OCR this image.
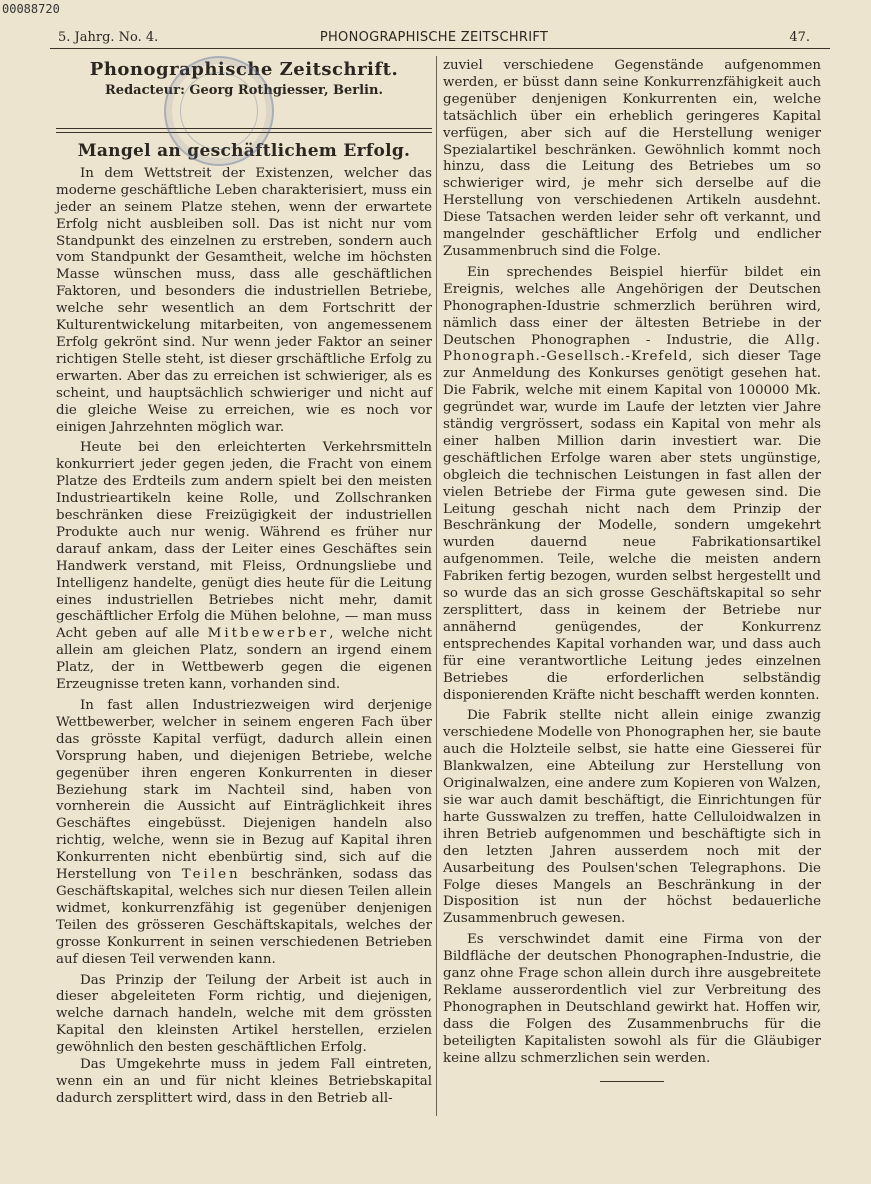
00088720
5. Jahrg. No. 4.	PHONOGRAPHISCHE ZEITSCHRIFT	47.
Phonographische Zeitschrift.
Redacteur: Georg Rothgiesser, Berlin.
Mangel an geschäftlichem Erfolg.

In dem Wettstreit der Existenzen, welcher das moderne geschäftliche Leben charakterisiert, muss ein jeder an seinem Platze stehen, wenn der erwartete Erfolg nicht ausbleiben soll. Das ist nicht nur vom Standpunkt des einzelnen zu erstreben, sondern auch vom Standpunkt der Gesamtheit, welche im höchsten Masse wünschen muss, dass alle geschäftlichen Faktoren, und besonders die industriellen Betriebe, welche sehr wesentlich an dem Fortschritt der Kulturentwickelung mitarbeiten, von angemessenem Erfolg gekrönt sind. Nur wenn jeder Faktor an seiner richtigen Stelle steht, ist dieser grschäftliche Erfolg zu erwarten. Aber das zu erreichen ist schwieriger, als es scheint, und hauptsächlich schwieriger und nicht auf die gleiche Weise zu erreichen, wie es noch vor einigen Jahrzehnten möglich war.

Heute bei den erleichterten Verkehrsmitteln konkurriert jeder gegen jeden, die Fracht von einem Platze des Erdteils zum andern spielt bei den meisten Industrieartikeln keine Rolle, und Zollschranken beschränken diese Freizügigkeit der industriellen Produkte auch nur wenig. Während es früher nur darauf ankam, dass der Leiter eines Geschäftes sein Handwerk verstand, mit Fleiss, Ordnungsliebe und Intelligenz handelte, genügt dies heute für die Leitung eines industriellen Betriebes nicht mehr, damit geschäftlicher Erfolg die Mühen belohne, — man muss Acht geben auf alle Mitbewerber, welche nicht allein am gleichen Platz, sondern an irgend einem Platz, der in Wettbewerb gegen die eigenen Erzeugnisse treten kann, vorhanden sind.

In fast allen Industriezweigen wird derjenige Wettbewerber, welcher in seinem engeren Fach über das grösste Kapital verfügt, dadurch allein einen Vorsprung haben, und diejenigen Betriebe, welche gegenüber ihren engeren Konkurrenten in dieser Beziehung stark im Nachteil sind, haben von vornherein die Aussicht auf Einträglichkeit ihres Geschäftes eingebüsst. Diejenigen handeln also richtig, welche, wenn sie in Bezug auf Kapital ihren Konkurrenten nicht ebenbürtig sind, sich auf die Herstellung von Teilen beschränken, sodass das Geschäftskapital, welches sich nur diesen Teilen allein widmet, konkurrenzfähig ist gegenüber denjenigen Teilen des grösseren Geschäftskapitals, welches der grosse Konkurrent in seinen verschiedenen Betrieben auf diesen Teil verwenden kann.

Das Prinzip der Teilung der Arbeit ist auch in dieser abgeleiteten Form richtig, und diejenigen, welche darnach handeln, welche mit dem grössten Kapital den kleinsten Artikel herstellen, erzielen gewöhnlich den besten geschäftlichen Erfolg.

Das Umgekehrte muss in jedem Fall eintreten, wenn ein an und für nicht kleines Betriebskapital dadurch zersplittert wird, dass in den Betrieb all-

zuviel verschiedene Gegenstände aufgenommen werden, er büsst dann seine Konkurrenzfähigkeit auch gegenüber denjenigen Konkurrenten ein, welche tatsächlich über ein erheblich geringeres Kapital verfügen, aber sich auf die Herstellung weniger Spezialartikel beschränken. Gewöhnlich kommt noch hinzu, dass die Leitung des Betriebes um so schwieriger wird, je mehr sich derselbe auf die Herstellung von verschiedenen Artikeln ausdehnt. Diese Tatsachen werden leider sehr oft verkannt, und mangelnder geschäftlicher Erfolg und endlicher Zusammenbruch sind die Folge.

Ein sprechendes Beispiel hierfür bildet ein Ereignis, welches alle Angehörigen der Deutschen Phonographen-Idustrie schmerzlich berühren wird, nämlich dass einer der ältesten Betriebe in der Deutschen Phonographen - Industrie, die Allg. Phonograph.-Gesellsch.-Krefeld, sich dieser Tage zur Anmeldung des Konkurses genötigt gesehen hat. Die Fabrik, welche mit einem Kapital von 100000 Mk. gegründet war, wurde im Laufe der letzten vier Jahre ständig vergrössert, sodass ein Kapital von mehr als einer halben Million darin investiert war. Die geschäftlichen Erfolge waren aber stets ungünstige, obgleich die technischen Leistungen in fast allen der vielen Betriebe der Firma gute gewesen sind. Die Leitung geschah nicht nach dem Prinzip der Beschränkung der Modelle, sondern umgekehrt wurden dauernd neue Fabrikationsartikel aufgenommen. Teile, welche die meisten andern Fabriken fertig bezogen, wurden selbst hergestellt und so wurde das an sich grosse Geschäftskapital so sehr zersplittert, dass in keinem der Betriebe nur annähernd genügendes, der Konkurrenz entsprechendes Kapital vorhanden war, und dass auch für eine verantwortliche Leitung jedes einzelnen Betriebes die erforderlichen selbständig disponierenden Kräfte nicht beschafft werden konnten.

Die Fabrik stellte nicht allein einige zwanzig verschiedene Modelle von Phonographen her, sie baute auch die Holzteile selbst, sie hatte eine Giesserei für Blankwalzen, eine Abteilung zur Herstellung von Originalwalzen, eine andere zum Kopieren von Walzen, sie war auch damit beschäftigt, die Einrichtungen für harte Gusswalzen zu treffen, hatte Celluloidwalzen in ihren Betrieb aufgenommen und beschäftigte sich in den letzten Jahren ausserdem noch mit der Ausarbeitung des Poulsen'schen Telegraphons. Die Folge dieses Mangels an Beschränkung in der Disposition ist nun der höchst bedauerliche Zusammenbruch gewesen.

Es verschwindet damit eine Firma von der Bildfläche der deutschen Phonographen-Industrie, die ganz ohne Frage schon allein durch ihre ausgebreitete Reklame ausserordentlich viel zur Verbreitung des Phonographen in Deutschland gewirkt hat. Hoffen wir, dass die Folgen des Zusammenbruchs für die beteiligten Kapitalisten sowohl als für die Gläubiger keine allzu schmerzlichen sein werden.
